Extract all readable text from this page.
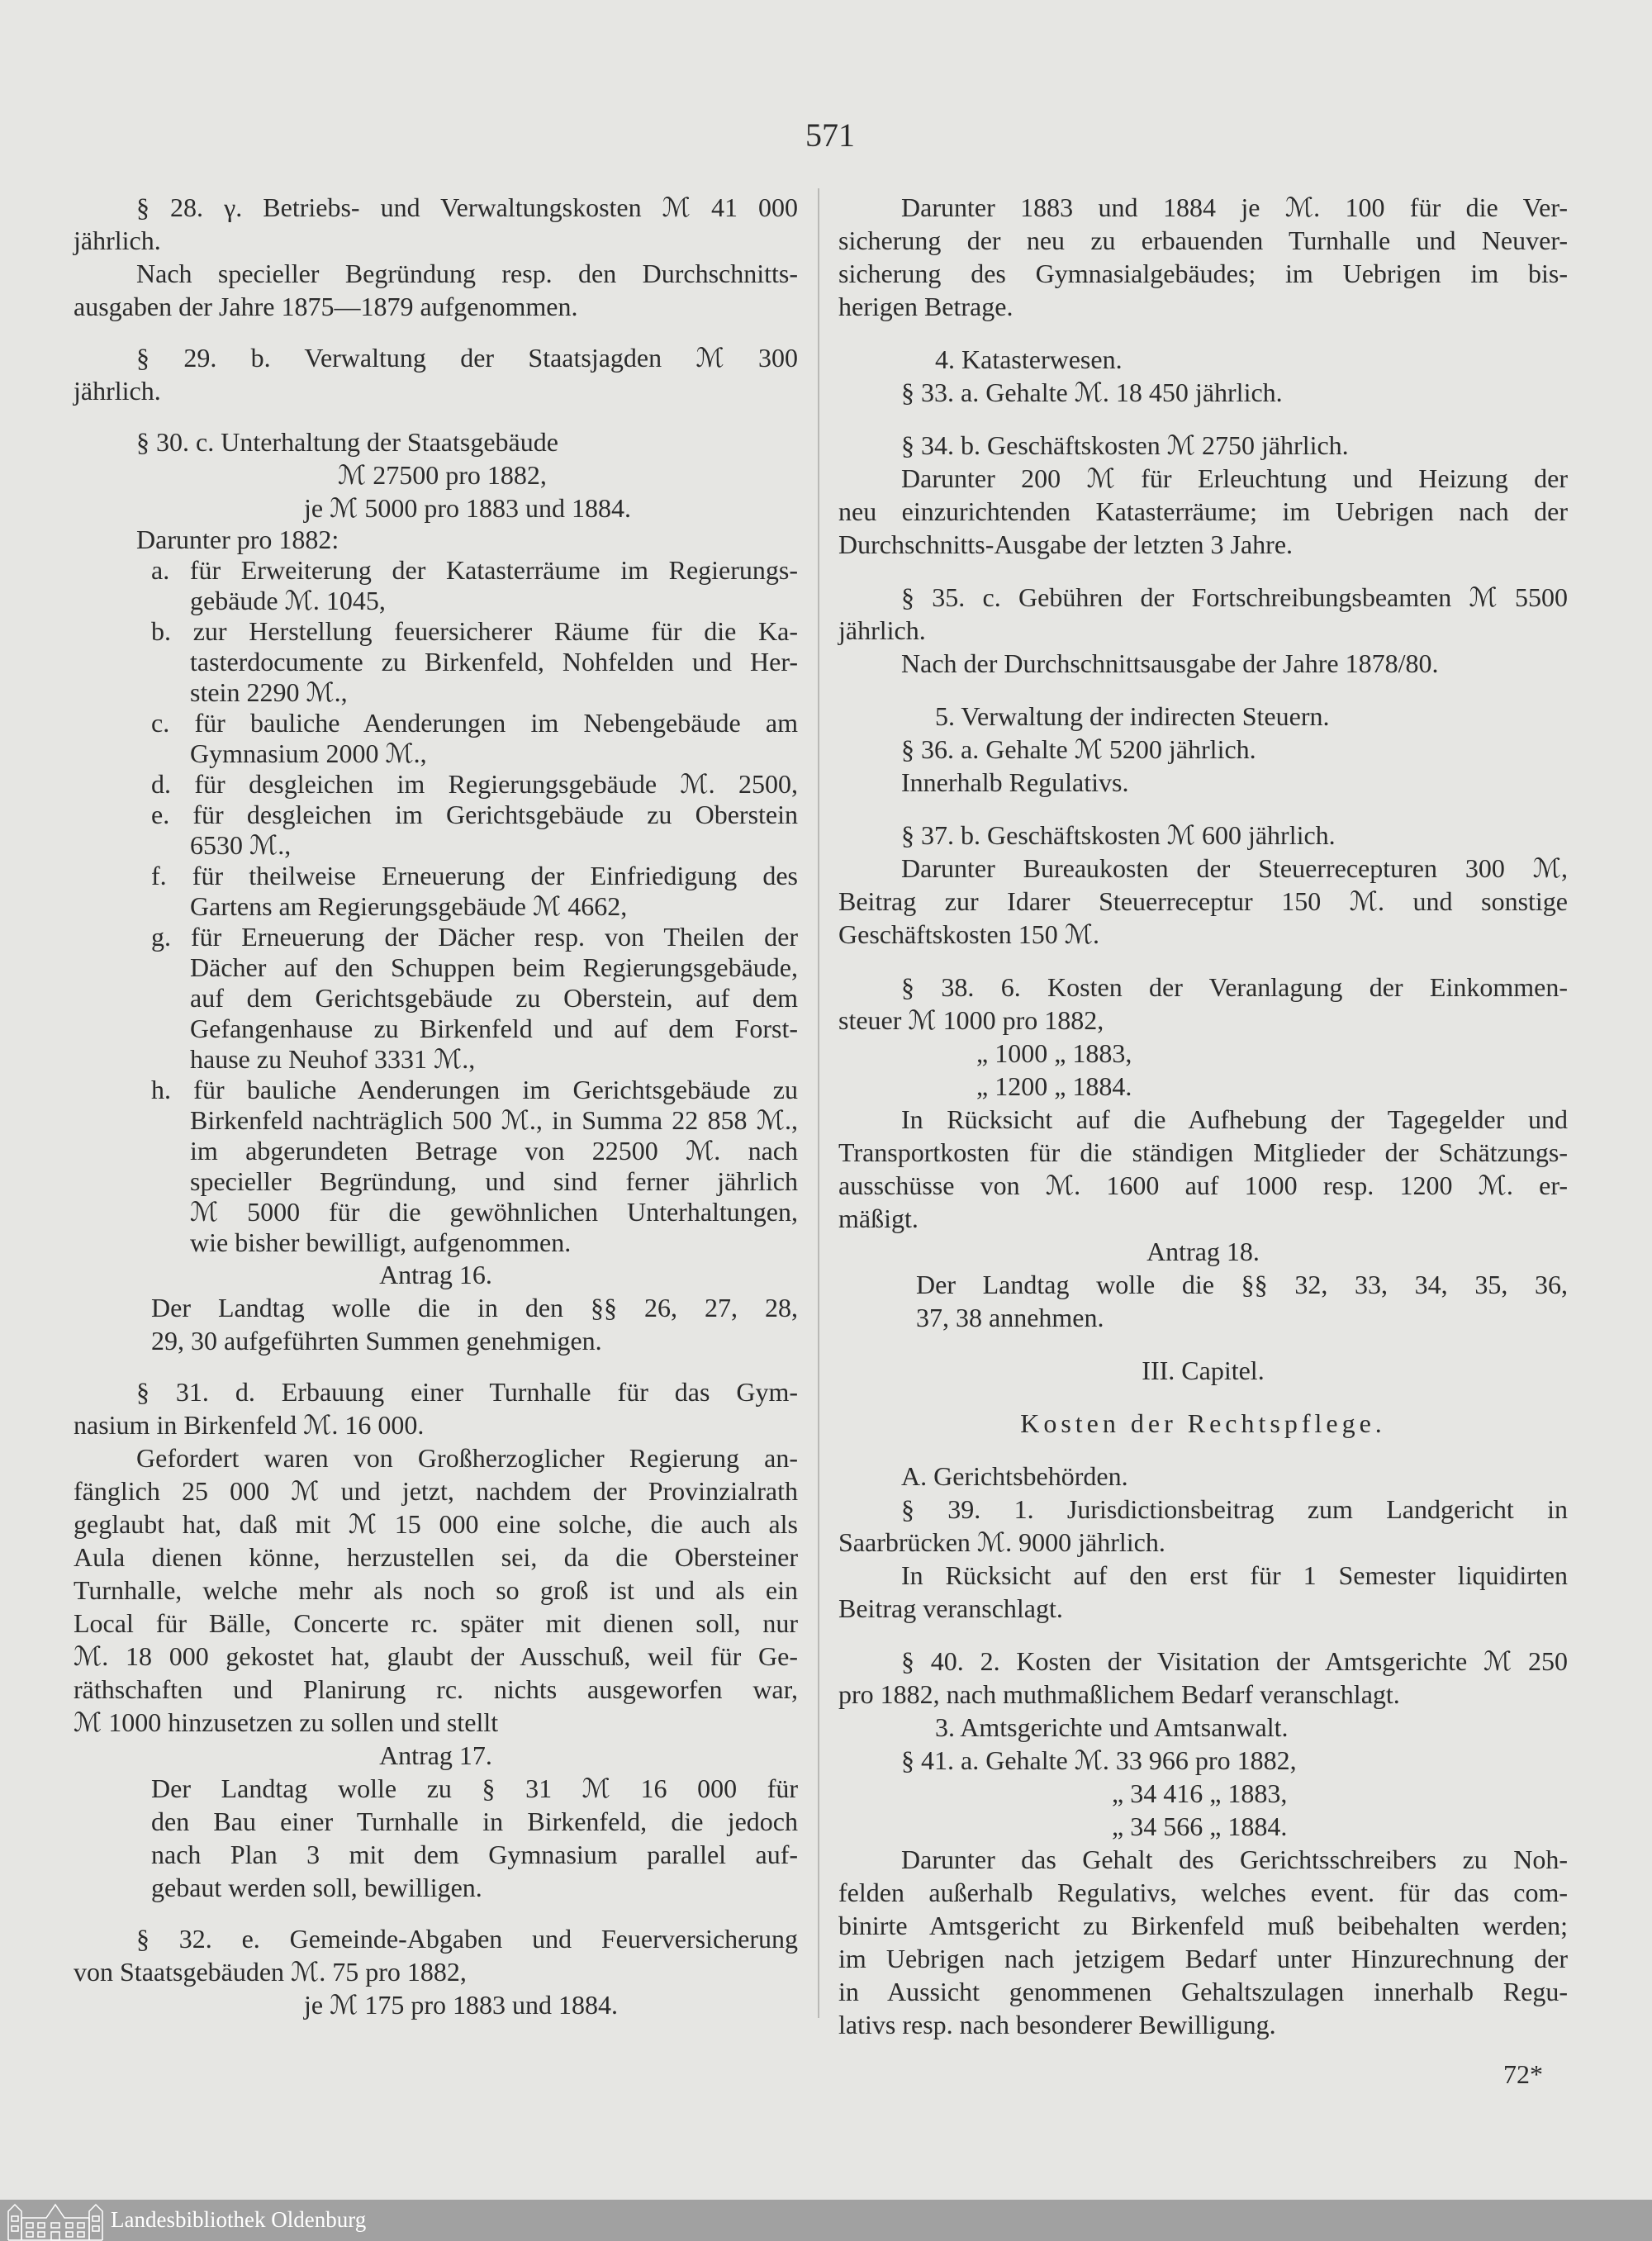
571
§ 28. γ. Betriebs- und Verwaltungskosten ℳ 41 000
jährlich.
Nach specieller Begründung resp. den Durchschnitts-
ausgaben der Jahre 1875—1879 aufgenommen.
§ 29. b. Verwaltung der Staatsjagden ℳ 300
jährlich.
§ 30. c. Unterhaltung der Staatsgebäude
ℳ 27500 pro 1882,
je ℳ 5000 pro 1883 und 1884.
Darunter pro 1882:
a. für Erweiterung der Katasterräume im Regierungs-
gebäude ℳ. 1045,
b. zur Herstellung feuersicherer Räume für die Ka-
tasterdocumente zu Birkenfeld, Nohfelden und Her-
stein 2290 ℳ.,
c. für bauliche Aenderungen im Nebengebäude am
Gymnasium 2000 ℳ.,
d. für desgleichen im Regierungsgebäude ℳ. 2500,
e. für desgleichen im Gerichtsgebäude zu Oberstein
6530 ℳ.,
f. für theilweise Erneuerung der Einfriedigung des
Gartens am Regierungsgebäude ℳ 4662,
g. für Erneuerung der Dächer resp. von Theilen der
Dächer auf den Schuppen beim Regierungsgebäude,
auf dem Gerichtsgebäude zu Oberstein, auf dem
Gefangenhause zu Birkenfeld und auf dem Forst-
hause zu Neuhof 3331 ℳ.,
h. für bauliche Aenderungen im Gerichtsgebäude zu
Birkenfeld nachträglich 500 ℳ., in Summa 22 858 ℳ.,
im abgerundeten Betrage von 22500 ℳ. nach
specieller Begründung, und sind ferner jährlich
ℳ 5000 für die gewöhnlichen Unterhaltungen,
wie bisher bewilligt, aufgenommen.
Antrag 16.
Der Landtag wolle die in den §§ 26, 27, 28,
29, 30 aufgeführten Summen genehmigen.
§ 31. d. Erbauung einer Turnhalle für das Gym-
nasium in Birkenfeld ℳ. 16 000.
Gefordert waren von Großherzoglicher Regierung an-
fänglich 25 000 ℳ und jetzt, nachdem der Provinzialrath
geglaubt hat, daß mit ℳ 15 000 eine solche, die auch als
Aula dienen könne, herzustellen sei, da die Obersteiner
Turnhalle, welche mehr als noch so groß ist und als ein
Local für Bälle, Concerte rc. später mit dienen soll, nur
ℳ. 18 000 gekostet hat, glaubt der Ausschuß, weil für Ge-
räthschaften und Planirung rc. nichts ausgeworfen war,
ℳ 1000 hinzusetzen zu sollen und stellt
Antrag 17.
Der Landtag wolle zu § 31 ℳ 16 000 für
den Bau einer Turnhalle in Birkenfeld, die jedoch
nach Plan 3 mit dem Gymnasium parallel auf-
gebaut werden soll, bewilligen.
§ 32. e. Gemeinde-Abgaben und Feuerversicherung
von Staatsgebäuden ℳ. 75 pro 1882,
je ℳ 175 pro 1883 und 1884.
Darunter 1883 und 1884 je ℳ. 100 für die Ver-
sicherung der neu zu erbauenden Turnhalle und Neuver-
sicherung des Gymnasialgebäudes; im Uebrigen im bis-
herigen Betrage.
4. Katasterwesen.
§ 33. a. Gehalte ℳ. 18 450 jährlich.
§ 34. b. Geschäftskosten ℳ 2750 jährlich.
Darunter 200 ℳ für Erleuchtung und Heizung der
neu einzurichtenden Katasterräume; im Uebrigen nach der
Durchschnitts-Ausgabe der letzten 3 Jahre.
§ 35. c. Gebühren der Fortschreibungsbeamten ℳ 5500
jährlich.
Nach der Durchschnittsausgabe der Jahre 1878/80.
5. Verwaltung der indirecten Steuern.
§ 36. a. Gehalte ℳ 5200 jährlich.
Innerhalb Regulativs.
§ 37. b. Geschäftskosten ℳ 600 jährlich.
Darunter Bureaukosten der Steuerrecepturen 300 ℳ,
Beitrag zur Idarer Steuerreceptur 150 ℳ. und sonstige
Geschäftskosten 150 ℳ.
§ 38. 6. Kosten der Veranlagung der Einkommen-
steuer ℳ 1000 pro 1882,
„ 1000 „ 1883,
„ 1200 „ 1884.
In Rücksicht auf die Aufhebung der Tagegelder und
Transportkosten für die ständigen Mitglieder der Schätzungs-
ausschüsse von ℳ. 1600 auf 1000 resp. 1200 ℳ. er-
mäßigt.
Antrag 18.
Der Landtag wolle die §§ 32, 33, 34, 35, 36,
37, 38 annehmen.
III. Capitel.
Kosten der Rechtspflege.
A. Gerichtsbehörden.
§ 39. 1. Jurisdictionsbeitrag zum Landgericht in
Saarbrücken ℳ. 9000 jährlich.
In Rücksicht auf den erst für 1 Semester liquidirten
Beitrag veranschlagt.
§ 40. 2. Kosten der Visitation der Amtsgerichte ℳ 250
pro 1882, nach muthmaßlichem Bedarf veranschlagt.
3. Amtsgerichte und Amtsanwalt.
§ 41. a. Gehalte ℳ. 33 966 pro 1882,
„ 34 416 „ 1883,
„ 34 566 „ 1884.
Darunter das Gehalt des Gerichtsschreibers zu Noh-
felden außerhalb Regulativs, welches event. für das com-
binirte Amtsgericht zu Birkenfeld muß beibehalten werden;
im Uebrigen nach jetzigem Bedarf unter Hinzurechnung der
in Aussicht genommenen Gehaltszulagen innerhalb Regu-
lativs resp. nach besonderer Bewilligung.
72*
Landesbibliothek Oldenburg
